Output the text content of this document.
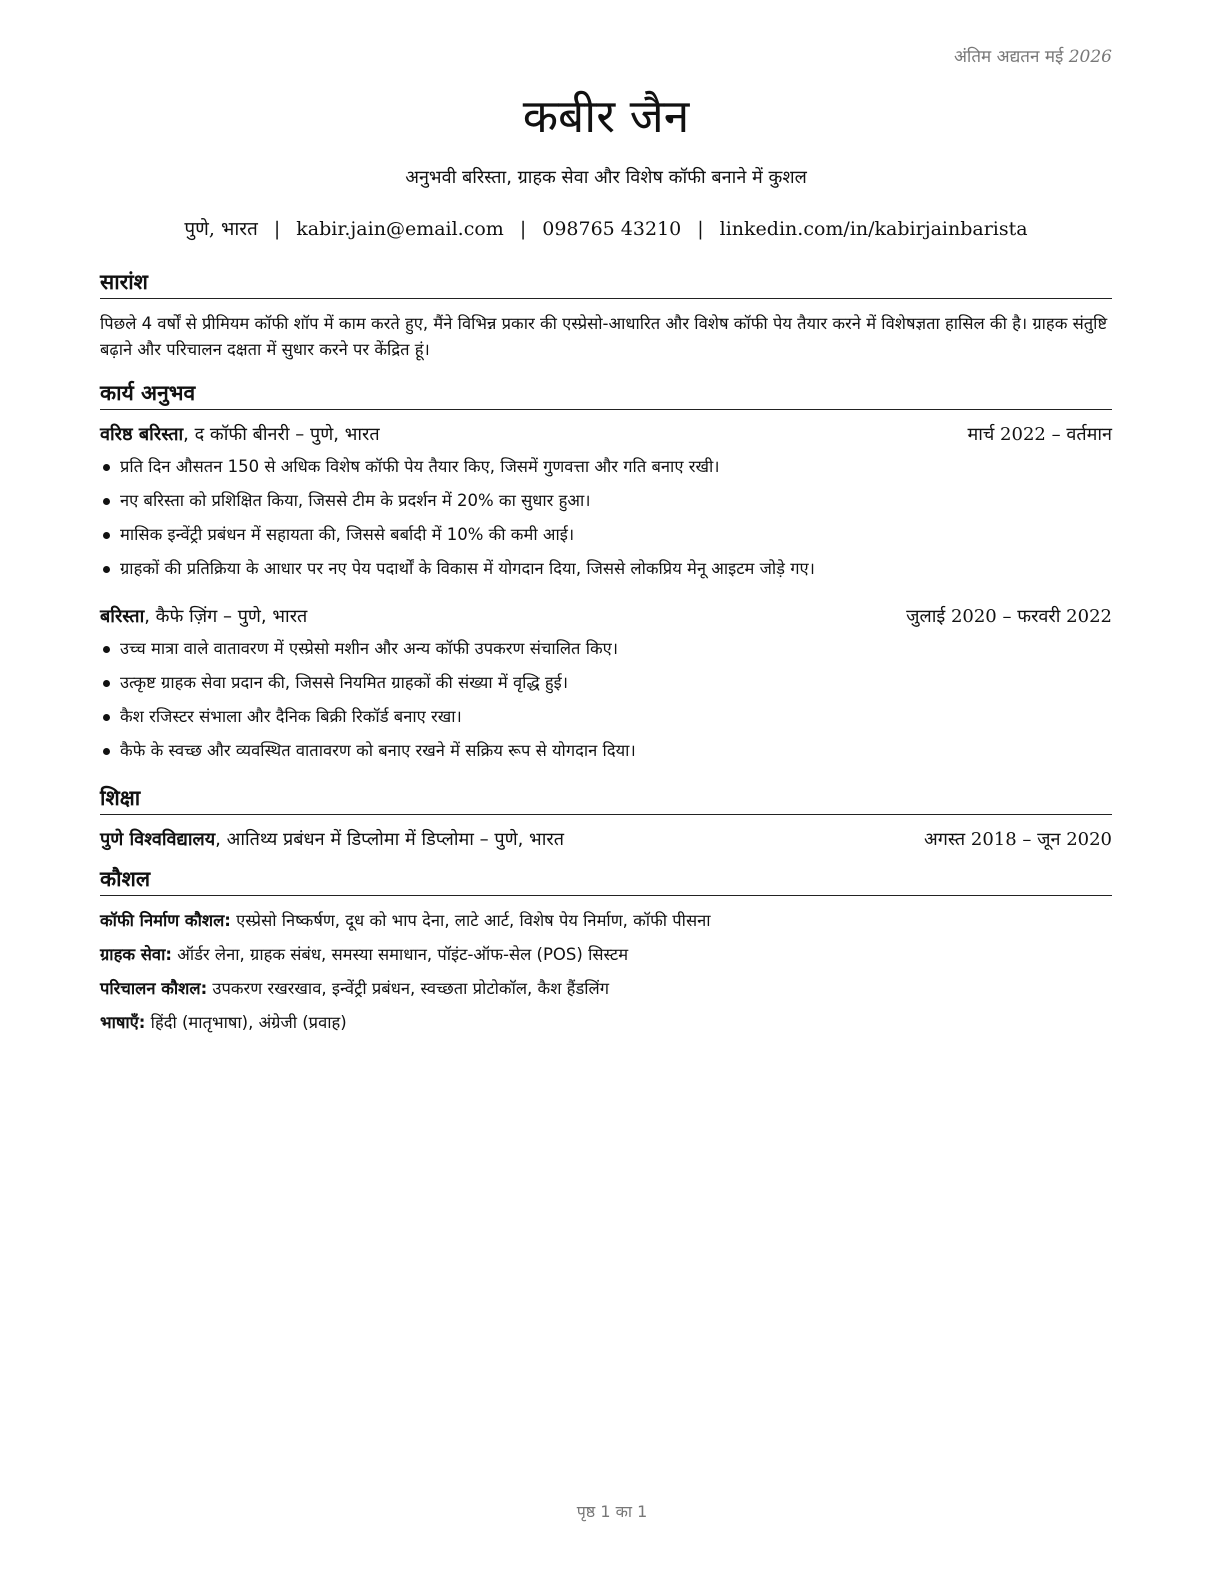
अंतिम अद्यतन मई 2026
कबीर जैन
अनुभवी बरिस्ता, ग्राहक सेवा और विशेष कॉफी बनाने में कुशल
पुणे, भारत | kabir.jain@email.com | 098765 43210 | linkedin.com/in/kabirjainbarista
सारांश
पिछले 4 वर्षों से प्रीमियम कॉफी शॉप में काम करते हुए, मैंने विभिन्न प्रकार की एस्प्रेसो-आधारित और विशेष कॉफी पेय तैयार करने में विशेषज्ञता हासिल की है। ग्राहक संतुष्टि बढ़ाने और परिचालन दक्षता में सुधार करने पर केंद्रित हूं।
कार्य अनुभव
वरिष्ठ बरिस्ता, द कॉफी बीनरी – पुणे, भारत	मार्च 2022 – वर्तमान
प्रति दिन औसतन 150 से अधिक विशेष कॉफी पेय तैयार किए, जिसमें गुणवत्ता और गति बनाए रखी।
नए बरिस्ता को प्रशिक्षित किया, जिससे टीम के प्रदर्शन में 20% का सुधार हुआ।
मासिक इन्वेंट्री प्रबंधन में सहायता की, जिससे बर्बादी में 10% की कमी आई।
ग्राहकों की प्रतिक्रिया के आधार पर नए पेय पदार्थों के विकास में योगदान दिया, जिससे लोकप्रिय मेनू आइटम जोड़े गए।
बरिस्ता, कैफे ज़िंग – पुणे, भारत	जुलाई 2020 – फरवरी 2022
उच्च मात्रा वाले वातावरण में एस्प्रेसो मशीन और अन्य कॉफी उपकरण संचालित किए।
उत्कृष्ट ग्राहक सेवा प्रदान की, जिससे नियमित ग्राहकों की संख्या में वृद्धि हुई।
कैश रजिस्टर संभाला और दैनिक बिक्री रिकॉर्ड बनाए रखा।
कैफे के स्वच्छ और व्यवस्थित वातावरण को बनाए रखने में सक्रिय रूप से योगदान दिया।
शिक्षा
पुणे विश्वविद्यालय, आतिथ्य प्रबंधन में डिप्लोमा में डिप्लोमा – पुणे, भारत	अगस्त 2018 – जून 2020
कौशल
कॉफी निर्माण कौशल: एस्प्रेसो निष्कर्षण, दूध को भाप देना, लाटे आर्ट, विशेष पेय निर्माण, कॉफी पीसना
ग्राहक सेवा: ऑर्डर लेना, ग्राहक संबंध, समस्या समाधान, पॉइंट-ऑफ-सेल (POS) सिस्टम
परिचालन कौशल: उपकरण रखरखाव, इन्वेंट्री प्रबंधन, स्वच्छता प्रोटोकॉल, कैश हैंडलिंग
भाषाएँ: हिंदी (मातृभाषा), अंग्रेजी (प्रवाह)
पृष्ठ 1 का 1
